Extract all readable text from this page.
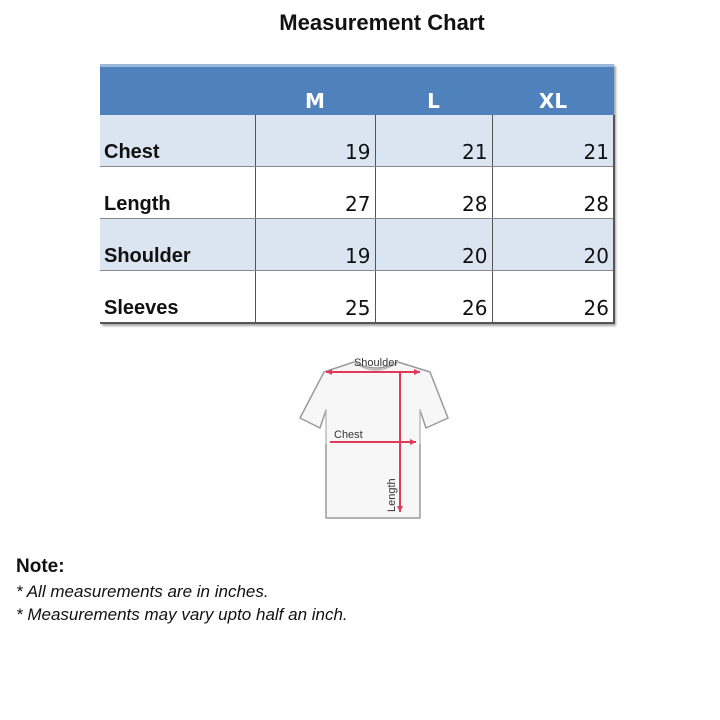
Measurement Chart
	M	L	XL
Chest	19	21	21
Length	27	28	28
Shoulder	19	20	20
Sleeves	25	26	26
Shoulder
Chest
Length
Note:
* All measurements are in inches.
* Measurements may vary upto half an inch.
